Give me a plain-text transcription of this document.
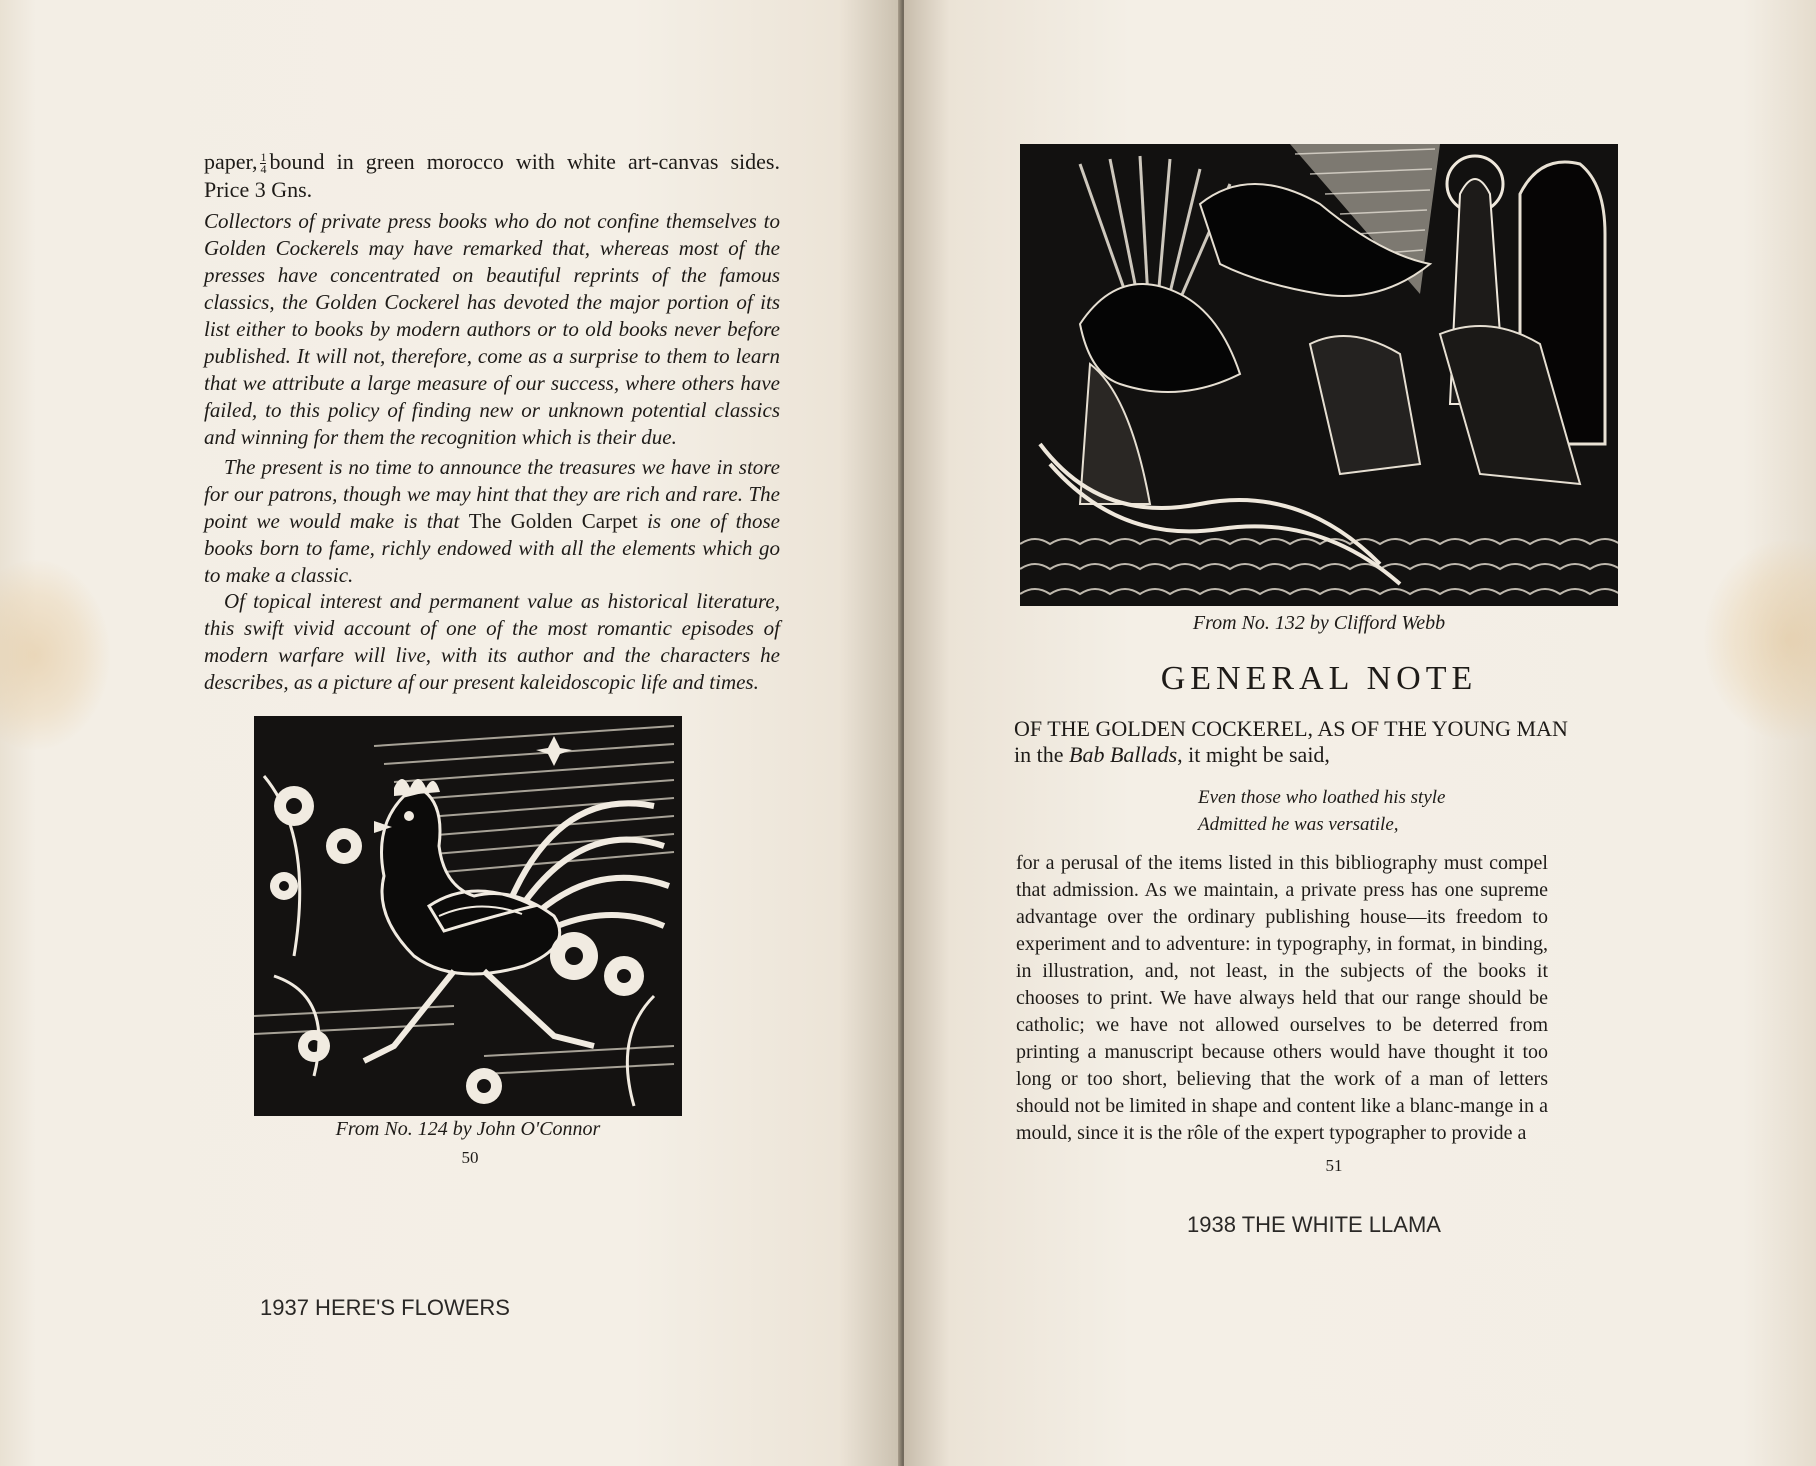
paper, $\frac{1}{4}$ bound in green morocco with white art-canvas sides. Price 3 Gns.

Collectors of private press books who do not confine themselves to Golden Cockerels may have remarked that, whereas most of the presses have concentrated on beautiful reprints of the famous classics, the Golden Cockerel has devoted the major portion of its list either to books by modern authors or to old books never before published. It will not, therefore, come as a surprise to them to learn that we attribute a large measure of our success, where others have failed, to this policy of finding new or unknown potential classics and winning for them the recognition which is their due.

The present is no time to announce the treasures we have in store for our patrons, though we may hint that they are rich and rare. The point we would make is that The Golden Carpet is one of those books born to fame, richly endowed with all the elements which go to make a classic.

Of topical interest and permanent value as historical literature, this swift vivid account of one of the most romantic episodes of modern warfare will live, with its author and the characters he describes, as a picture af our present kaleidoscopic life and times.

From No. 124 by John O'Connor
50
1937 HERE'S FLOWERS
From No. 132 by Clifford Webb
GENERAL NOTE
OF THE GOLDEN COCKEREL, AS OF THE YOUNG MAN
in the Bab Ballads, it might be said,
Even those who loathed his style
Admitted he was versatile,

for a perusal of the items listed in this bibliography must compel that admission. As we maintain, a private press has one supreme advantage over the ordinary publishing house—its freedom to experiment and to adventure: in typography, in format, in binding, in illustration, and, not least, in the subjects of the books it chooses to print. We have always held that our range should be catholic; we have not allowed ourselves to be deterred from printing a manuscript because others would have thought it too long or too short, believing that the work of a man of letters should not be limited in shape and content like a blanc-mange in a mould, since it is the rôle of the expert typographer to provide a

51
1938 THE WHITE LLAMA
